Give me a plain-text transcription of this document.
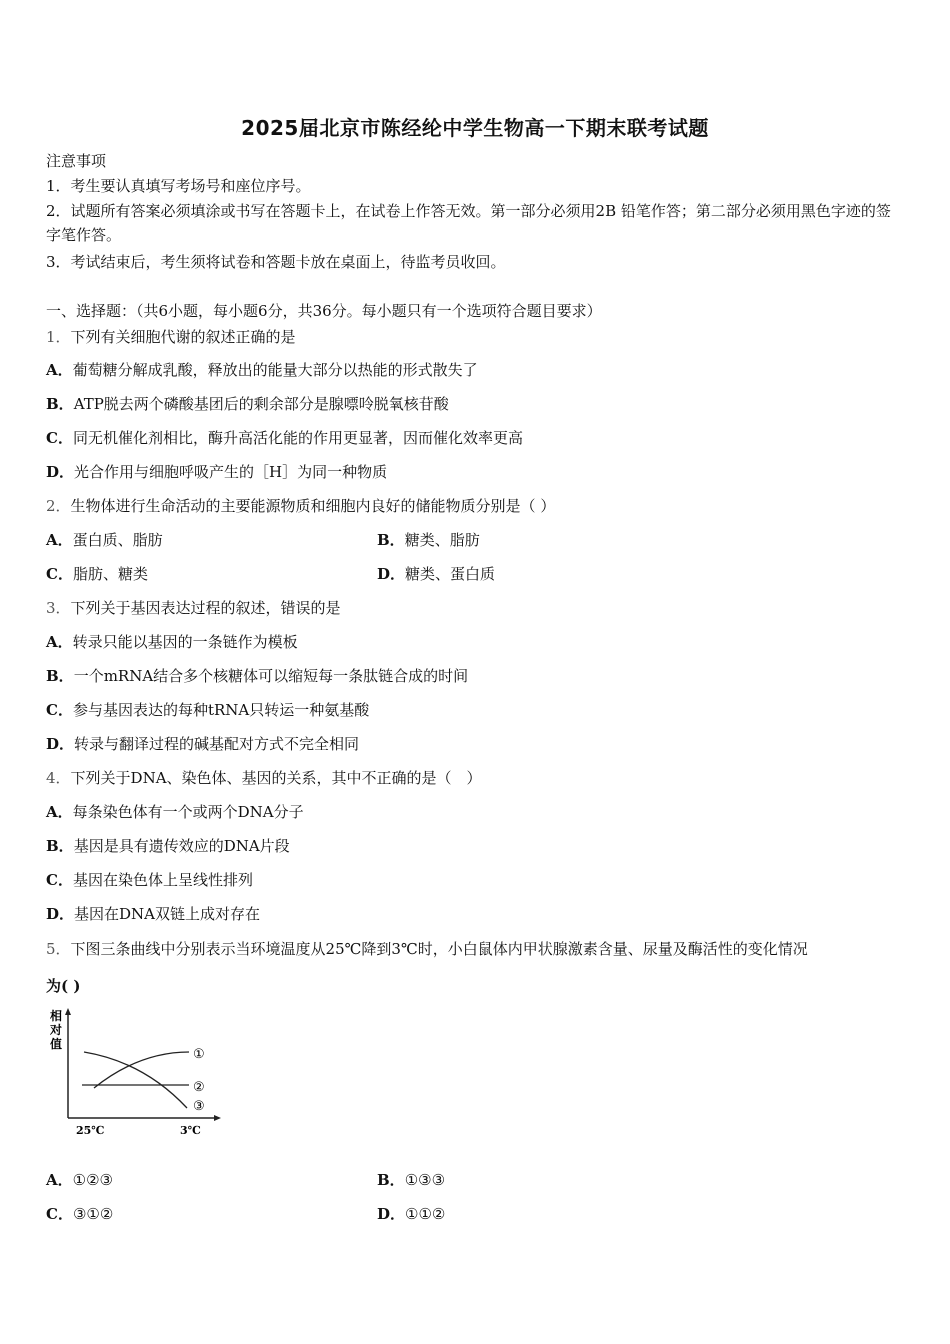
2025届北京市陈经纶中学生物高一下期末联考试题
注意事项
1．考生要认真填写考场号和座位序号。
2．试题所有答案必须填涂或书写在答题卡上，在试卷上作答无效。第一部分必须用2B 铅笔作答；第二部分必须用黑色字迹的签字笔作答。
3．考试结束后，考生须将试卷和答题卡放在桌面上，待监考员收回。
一、选择题：（共6小题，每小题6分，共36分。每小题只有一个选项符合题目要求）
1．下列有关细胞代谢的叙述正确的是
A．葡萄糖分解成乳酸，释放出的能量大部分以热能的形式散失了
B．ATP脱去两个磷酸基团后的剩余部分是腺嘌呤脱氧核苷酸
C．同无机催化剂相比，酶升高活化能的作用更显著，因而催化效率更高
D．光合作用与细胞呼吸产生的［H］为同一种物质
2．生物体进行生命活动的主要能源物质和细胞内良好的储能物质分别是（ ）
A．蛋白质、脂肪	B．糖类、脂肪
C．脂肪、糖类	D．糖类、蛋白质
3．下列关于基因表达过程的叙述，错误的是
A．转录只能以基因的一条链作为模板
B．一个mRNA结合多个核糖体可以缩短每一条肽链合成的时间
C．参与基因表达的每种tRNA只转运一种氨基酸
D．转录与翻译过程的碱基配对方式不完全相同
4．下列关于DNA、染色体、基因的关系，其中不正确的是（　）
A．每条染色体有一个或两个DNA分子
B．基因是具有遗传效应的DNA片段
C．基因在染色体上呈线性排列
D．基因在DNA双链上成对存在
5．下图三条曲线中分别表示当环境温度从25℃降到3℃时，小白鼠体内甲状腺激素含量、尿量及酶活性的变化情况
为( )
相
对
值
①
②
③
25℃	3℃
A．①②③	B．①③③
C．③①②	D．①①②
